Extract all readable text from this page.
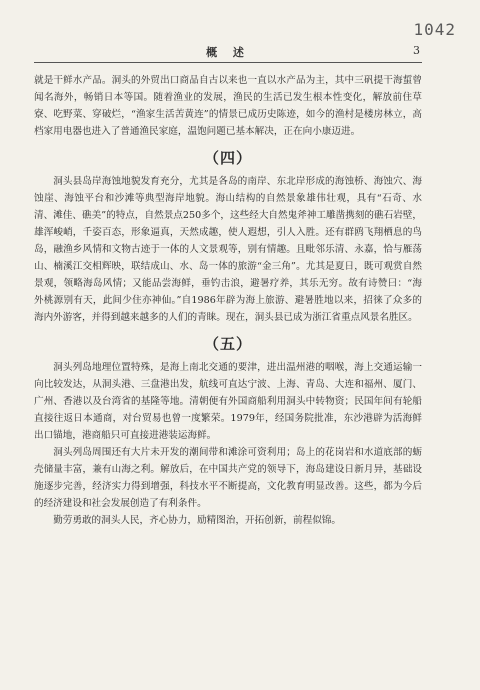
1042
概 述	3

就是干鲜水产品。洞头的外贸出口商品自古以来也一直以水产品为主，其中三矾提干海蜇曾闻名海外，畅销日本等国。随着渔业的发展，渔民的生活已发生根本性变化，解放前住草寮、吃野菜、穿破烂，“渔家生活苦黄连”的情景已成历史陈迹，如今的渔村是楼房林立，高档家用电器也进入了普通渔民家庭，温饱问题已基本解决，正在向小康迈进。

（四）

洞头县岛岸海蚀地貌发育充分，尤其是各岛的南岸、东北岸形成的海蚀桥、海蚀穴、海蚀崖、海蚀平台和沙滩等典型海岸地貌。海山结构的自然景象雄伟壮观，具有“石奇、水清、滩佳、礁美”的特点，自然景点250多个，这些经大自然鬼斧神工雕凿携刻的礁石岩壁，雄浑峻峭，千姿百态，形象逼真，天然成趣，使人遐想，引人入胜。还有群鸥飞翔栖息的鸟岛，融渔乡风情和文物古迹于一体的人文景观等，别有情趣。且毗邻乐清、永嘉，恰与雁荡山、楠溪江交相辉映，联结成山、水、岛一体的旅游“金三角”。尤其是夏日，既可观赏自然景观，领略海岛风情；又能品尝海鲜，垂钓击浪，避暑疗养，其乐无穷。故有诗赞曰：“海外桃源别有天，此间少住亦神仙。”自1986年辟为海上旅游、避暑胜地以来，招徕了众多的海内外游客，并得到越来越多的人们的青睐。现在，洞头县已成为浙江省重点风景名胜区。

（五）

洞头列岛地理位置特殊，是海上南北交通的要津，进出温州港的咽喉，海上交通运输一向比较发达，从洞头港、三盘港出发，航线可直达宁波、上海、青岛、大连和福州、厦门、广州、香港以及台湾省的基隆等地。清朝便有外国商船利用洞头中转物资；民国年间有轮船直接往返日本通商，对台贸易也曾一度繁荣。1979年，经国务院批准，东沙港辟为活海鲜出口锚地，港商船只可直接进港装运海鲜。

洞头列岛周围还有大片未开发的潮间带和滩涂可资利用；岛上的花岗岩和水道底部的蛎壳储量丰富，兼有山海之利。解放后，在中国共产党的领导下，海岛建设日新月异，基础设施逐步完善，经济实力得到增强，科技水平不断提高，文化教育明显改善。这些，都为今后的经济建设和社会发展创造了有利条件。

勤劳勇敢的洞头人民，齐心协力，励精图治，开拓创新，前程似锦。
